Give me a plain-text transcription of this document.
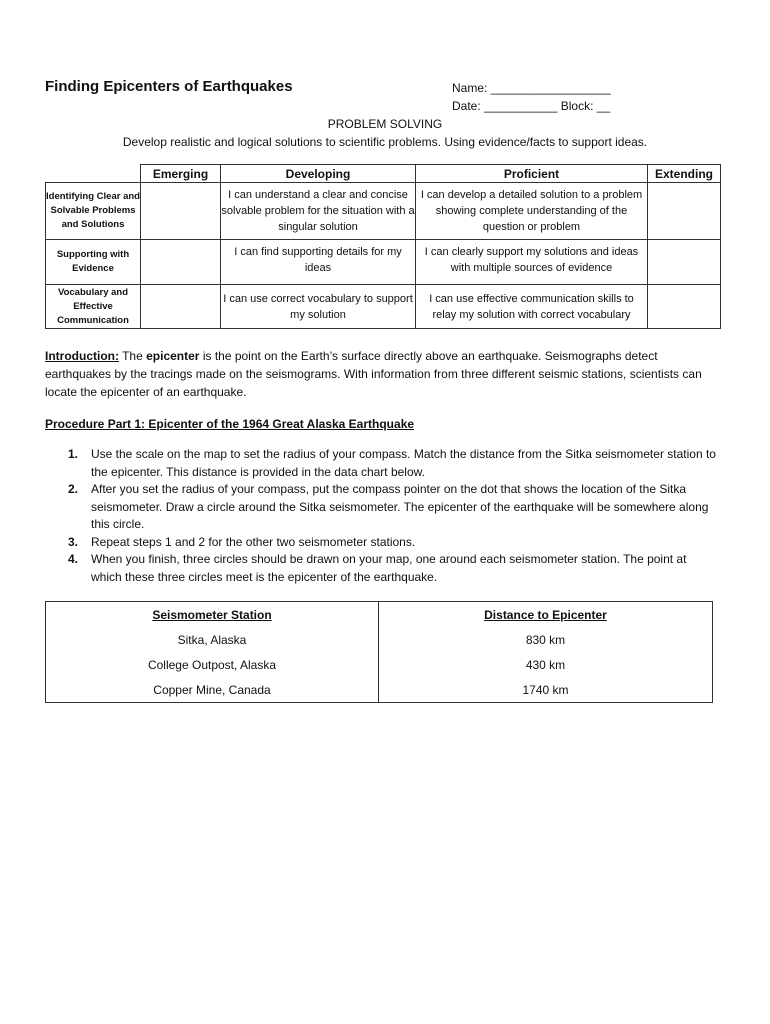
Finding Epicenters of Earthquakes	Name: __________________
Date: ___________ Block: __
PROBLEM SOLVING
Develop realistic and logical solutions to scientific problems. Using evidence/facts to support ideas.
	Emerging	Developing	Proficient	Extending
Identifying Clear and Solvable Problems and Solutions		I can understand a clear and concise solvable problem for the situation with a singular solution	I can develop a detailed solution to a problem showing complete understanding of the question or problem	
Supporting with Evidence		I can find supporting details for my ideas	I can clearly support my solutions and ideas with multiple sources of evidence	
Vocabulary and Effective Communication		I can use correct vocabulary to support my solution	I can use effective communication skills to relay my solution with correct vocabulary	
Introduction: The epicenter is the point on the Earth’s surface directly above an earthquake. Seismographs detect earthquakes by the tracings made on the seismograms. With information from three different seismic stations, scientists can locate the epicenter of an earthquake.
Procedure Part 1: Epicenter of the 1964 Great Alaska Earthquake
1. Use the scale on the map to set the radius of your compass. Match the distance from the Sitka seismometer station to the epicenter. This distance is provided in the data chart below.
2. After you set the radius of your compass, put the compass pointer on the dot that shows the location of the Sitka seismometer. Draw a circle around the Sitka seismometer. The epicenter of the earthquake will be somewhere along this circle.
3. Repeat steps 1 and 2 for the other two seismometer stations.
4. When you finish, three circles should be drawn on your map, one around each seismometer station. The point at which these three circles meet is the epicenter of the earthquake.
Seismometer Station	Distance to Epicenter
Sitka, Alaska	830 km
College Outpost, Alaska	430 km
Copper Mine, Canada	1740 km
